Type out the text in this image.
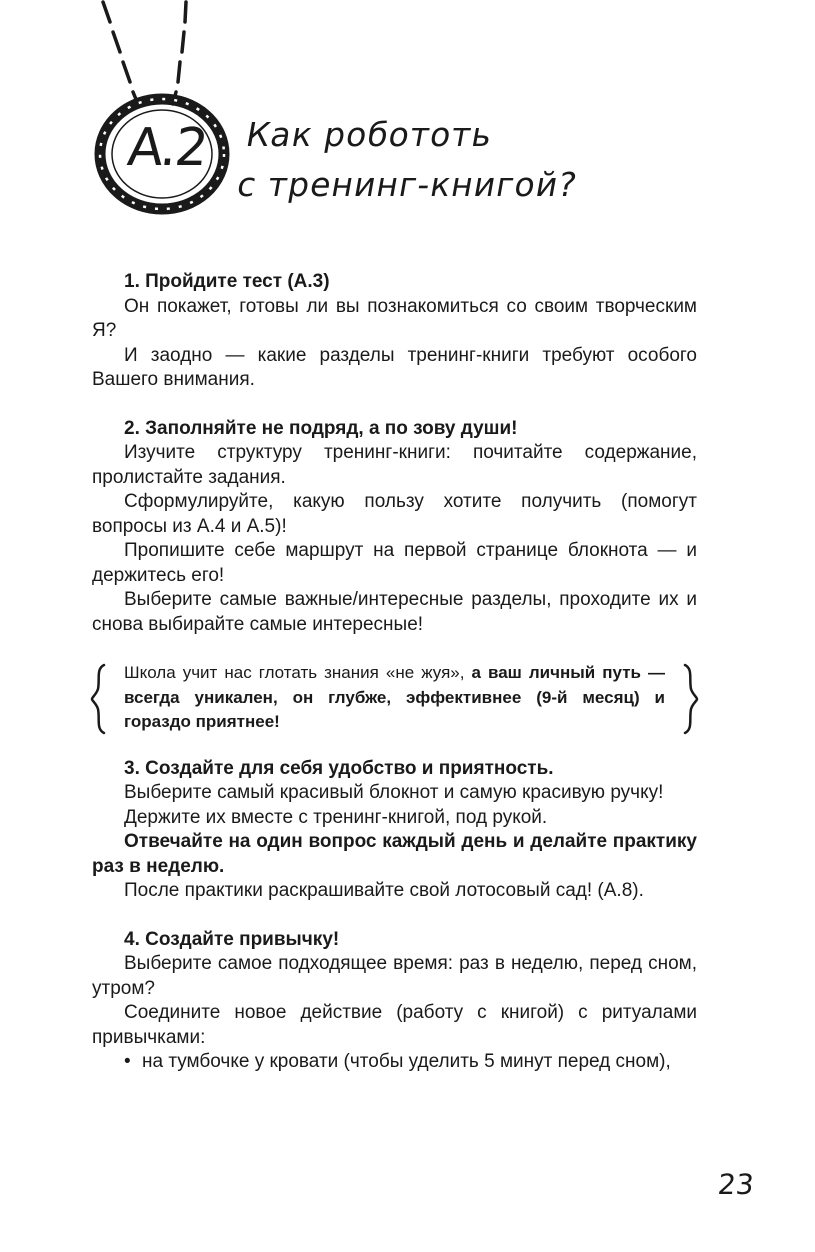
A.2	Как робототь
с тренинг-книгой?

1. Пройдите тест (А.3)

Он покажет, готовы ли вы познакомиться со своим творческим Я?

И заодно — какие разделы тренинг-книги требуют особого Вашего внимания.

2. Заполняйте не подряд, а по зову души!

Изучите структуру тренинг-книги: почитайте содержание, пролистайте задания.

Сформулируйте, какую пользу хотите получить (помогут вопросы из А.4 и А.5)!

Пропишите себе маршрут на первой странице блокнота — и держитесь его!

Выберите самые важные/интересные разделы, проходите их и снова выбирайте самые интересные!

Школа учит нас глотать знания «не жуя», а ваш личный путь — всегда уникален, он глубже, эффективнее (9-й месяц) и гораздо приятнее!

3. Создайте для себя удобство и приятность.

Выберите самый красивый блокнот и самую красивую ручку!

Держите их вместе с тренинг-книгой, под рукой.

Отвечайте на один вопрос каждый день и делайте практику раз в неделю.

После практики раскрашивайте свой лотосовый сад! (А.8).

4. Создайте привычку!

Выберите самое подходящее время: раз в неделю, перед сном, утром?

Соедините новое действие (работу с книгой) с ритуалами привычками:

• на тумбочке у кровати (чтобы уделить 5 минут перед сном),

23
